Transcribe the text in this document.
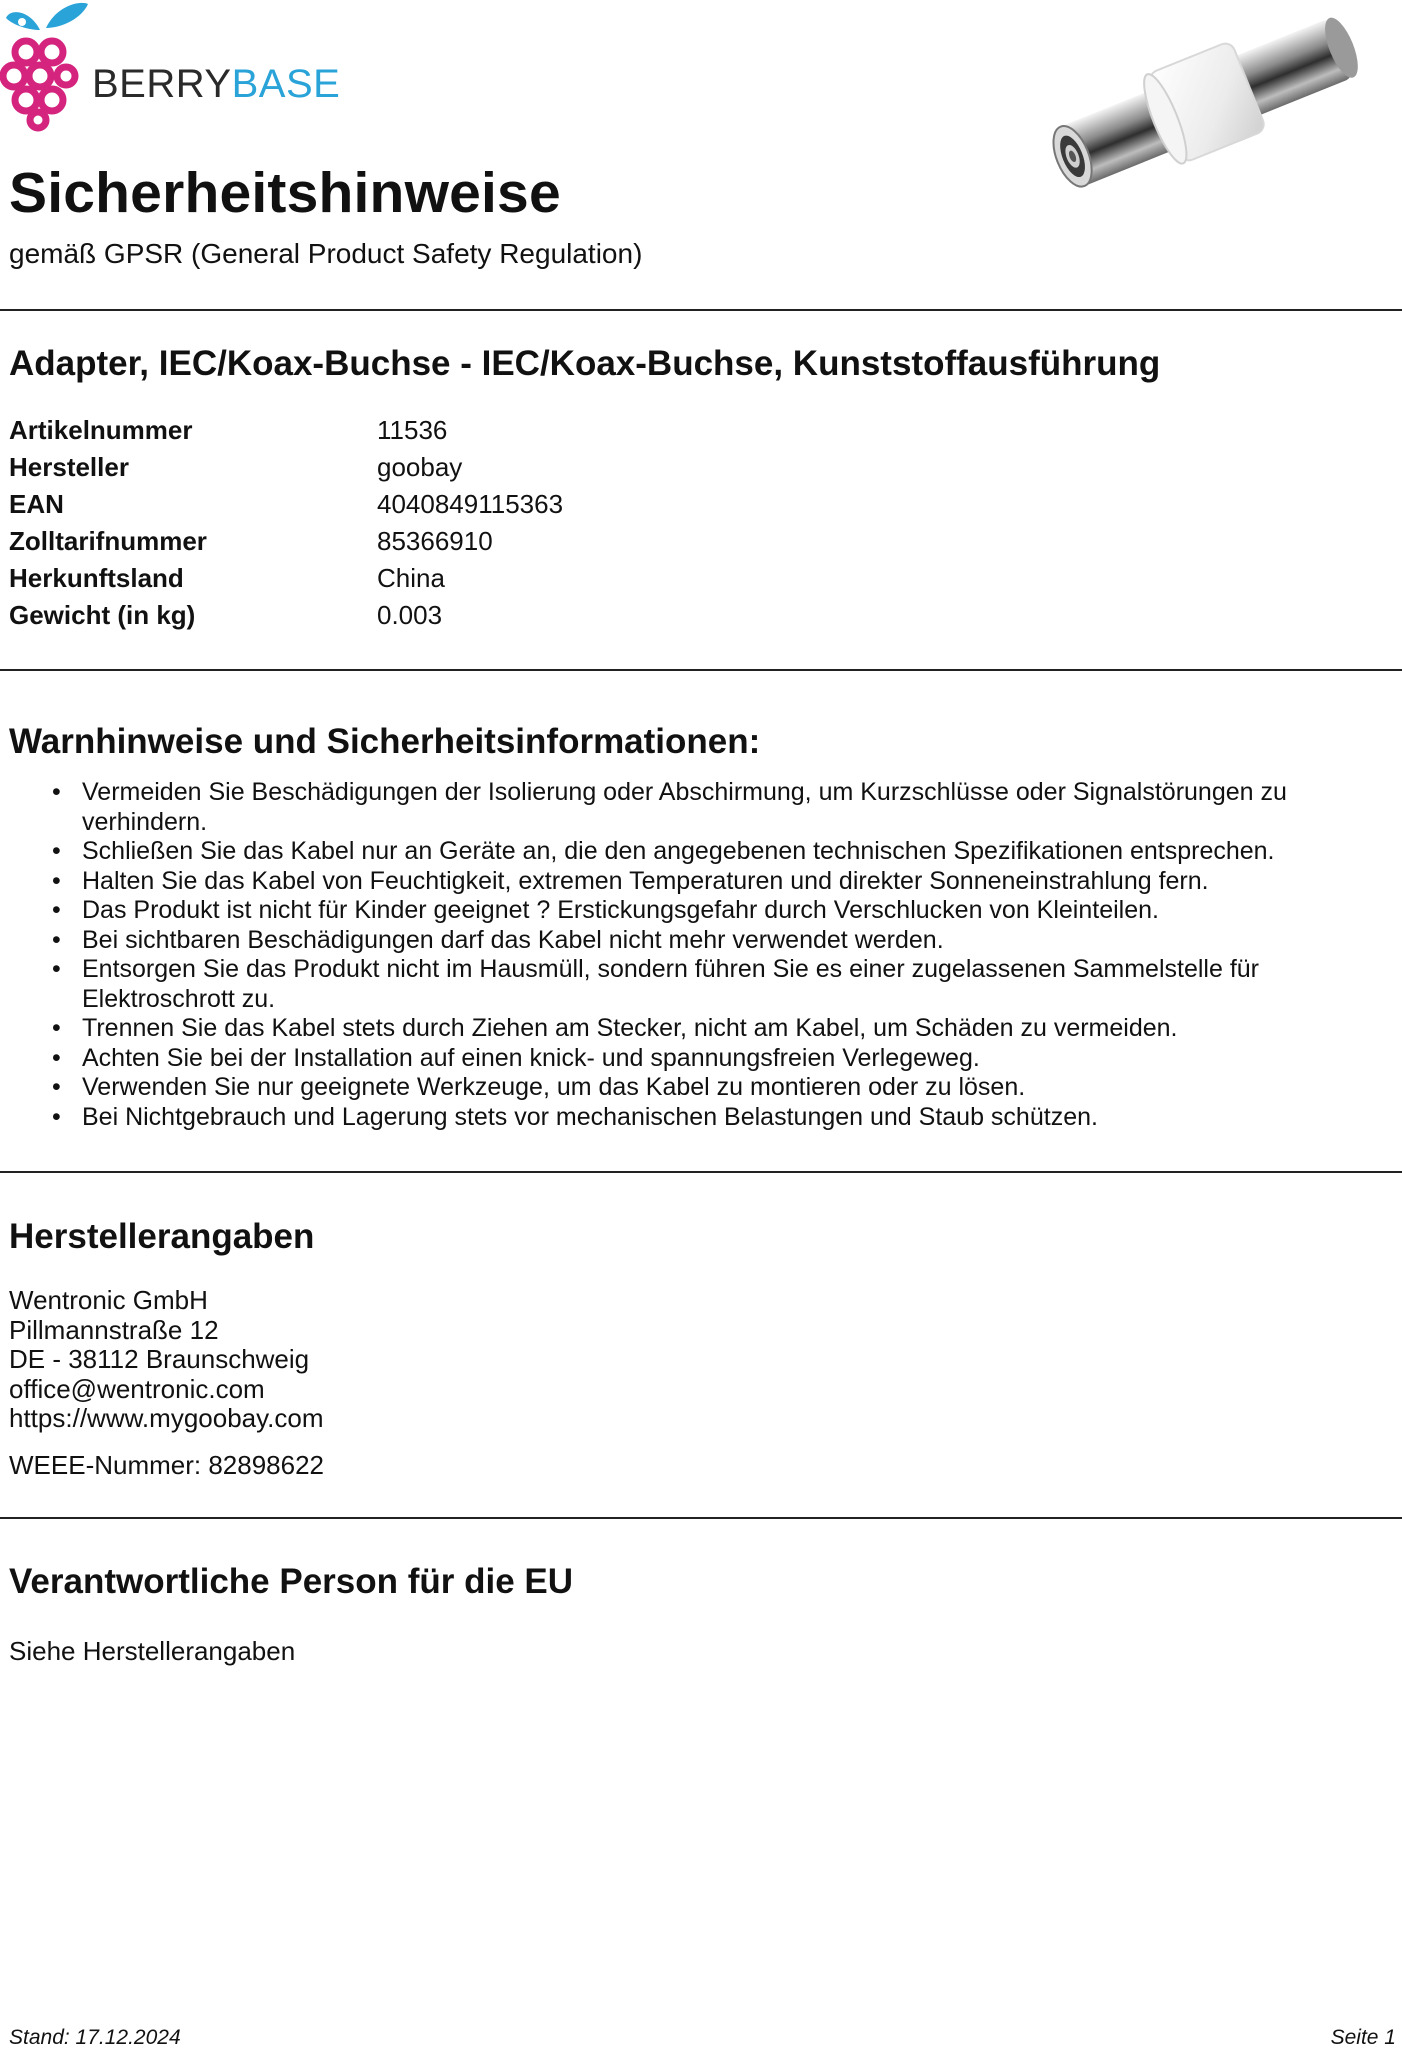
BERRYBASE
Sicherheitshinweise
gemäß GPSR (General Product Safety Regulation)
Adapter, IEC/Koax-Buchse - IEC/Koax-Buchse, Kunststoffausführung
Artikelnummer	11536
Hersteller	goobay
EAN	4040849115363
Zolltarifnummer	85366910
Herkunftsland	China
Gewicht (in kg)	0.003
Warnhinweise und Sicherheitsinformationen:
• Vermeiden Sie Beschädigungen der Isolierung oder Abschirmung, um Kurzschlüsse oder Signalstörungen zu verhindern.
• Schließen Sie das Kabel nur an Geräte an, die den angegebenen technischen Spezifikationen entsprechen.
• Halten Sie das Kabel von Feuchtigkeit, extremen Temperaturen und direkter Sonneneinstrahlung fern.
• Das Produkt ist nicht für Kinder geeignet ? Erstickungsgefahr durch Verschlucken von Kleinteilen.
• Bei sichtbaren Beschädigungen darf das Kabel nicht mehr verwendet werden.
• Entsorgen Sie das Produkt nicht im Hausmüll, sondern führen Sie es einer zugelassenen Sammelstelle für Elektroschrott zu.
• Trennen Sie das Kabel stets durch Ziehen am Stecker, nicht am Kabel, um Schäden zu vermeiden.
• Achten Sie bei der Installation auf einen knick- und spannungsfreien Verlegeweg.
• Verwenden Sie nur geeignete Werkzeuge, um das Kabel zu montieren oder zu lösen.
• Bei Nichtgebrauch und Lagerung stets vor mechanischen Belastungen und Staub schützen.
Herstellerangaben
Wentronic GmbH
Pillmannstraße 12
DE - 38112 Braunschweig
office@wentronic.com
https://www.mygoobay.com
WEEE-Nummer: 82898622
Verantwortliche Person für die EU
Siehe Herstellerangaben
Stand: 17.12.2024	Seite 1
